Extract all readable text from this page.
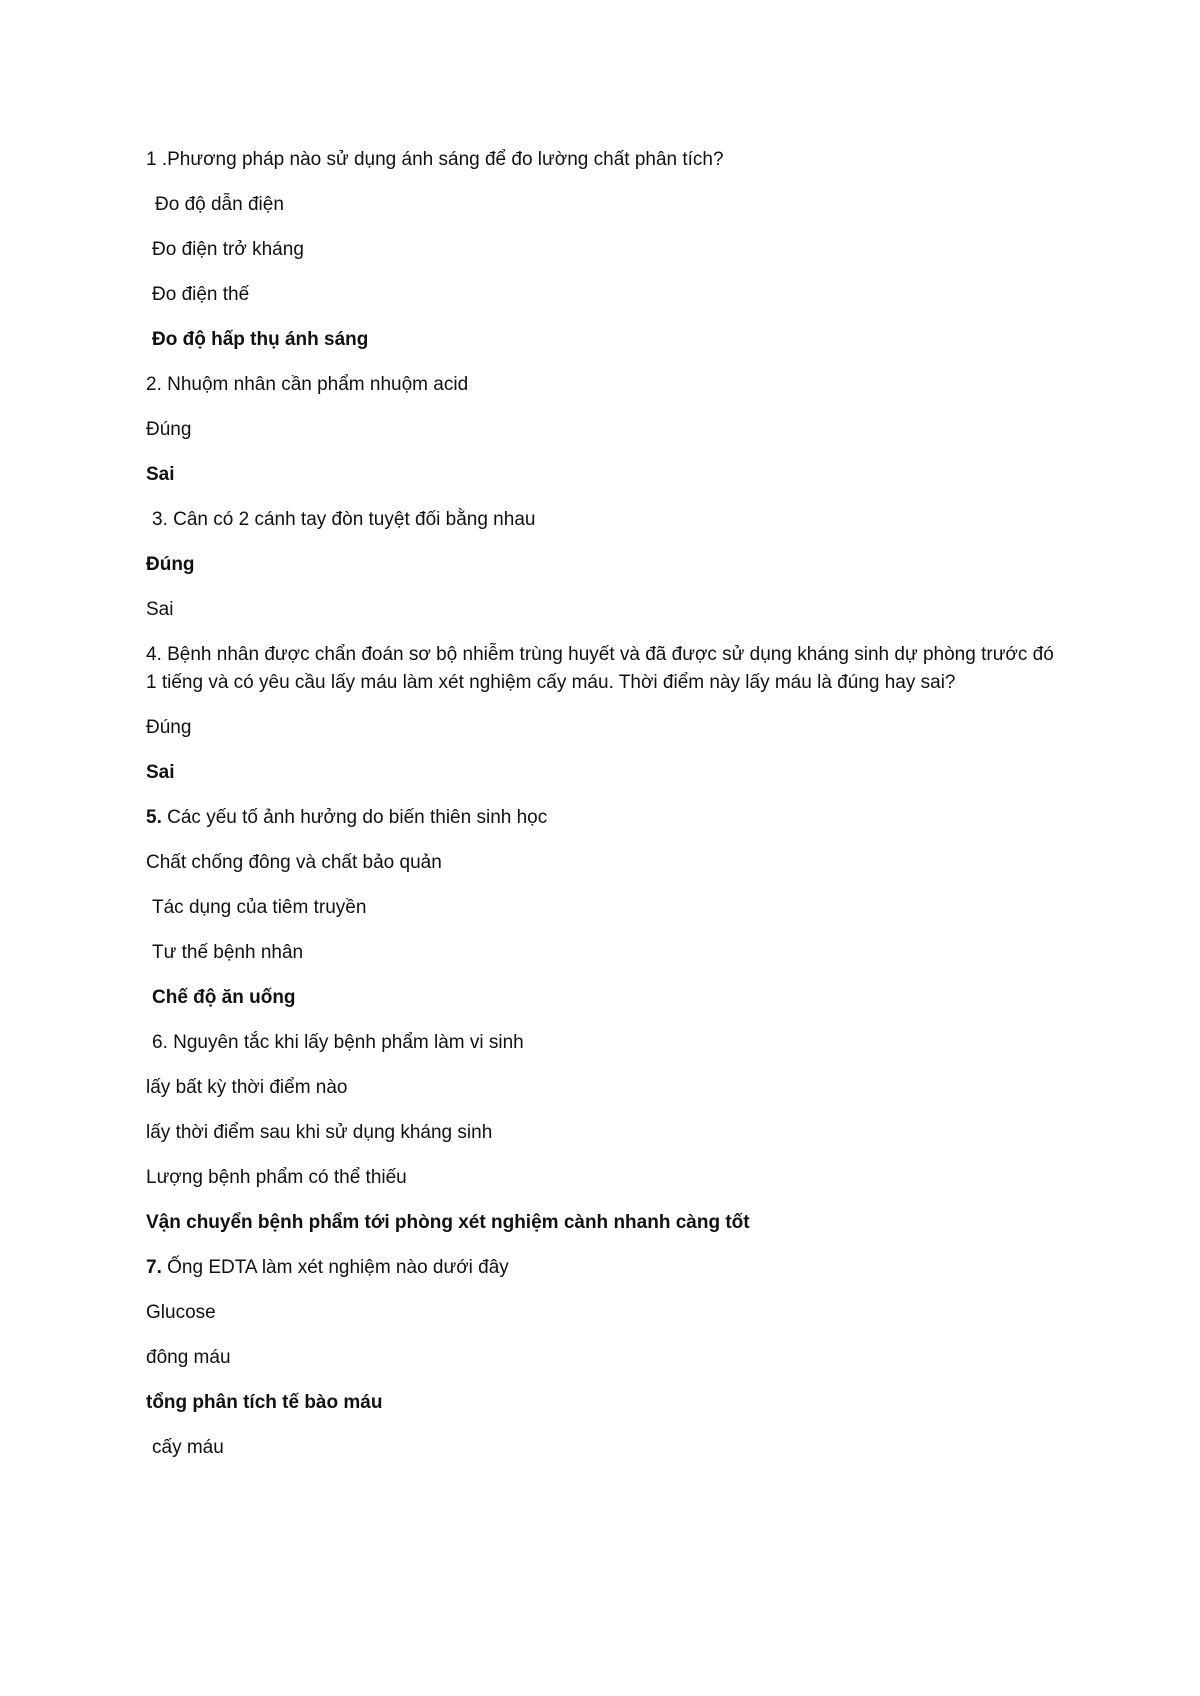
1 .Phương pháp nào sử dụng ánh sáng để đo lường chất phân tích?
Đo độ dẫn điện
Đo điện trở kháng
Đo điện thế
Đo độ hấp thụ ánh sáng
2. Nhuộm nhân cần phẩm nhuộm acid
Đúng
Sai
3. Cân có 2 cánh tay đòn tuyệt đối bằng nhau
Đúng
Sai
4. Bệnh nhân được chẩn đoán sơ bộ nhiễm trùng huyết và đã được sử dụng kháng sinh dự phòng trước đó 1 tiếng và có yêu cầu lấy máu làm xét nghiệm cấy máu. Thời điểm này lấy máu là đúng hay sai?
Đúng
Sai
5. Các yếu tố ảnh hưởng do biến thiên sinh học
Chất chống đông và chất bảo quản
Tác dụng của tiêm truyền
Tư thế bệnh nhân
Chế độ ăn uống
6. Nguyên tắc khi lấy bệnh phẩm làm vi sinh
lấy bất kỳ thời điểm nào
lấy thời điểm sau khi sử dụng kháng sinh
Lượng bệnh phẩm có thể thiếu
Vận chuyển bệnh phẩm tới phòng xét nghiệm cành nhanh càng tốt
7. Ống EDTA làm xét nghiệm nào dưới đây
Glucose
đông máu
tổng phân tích tế bào máu
cấy máu
